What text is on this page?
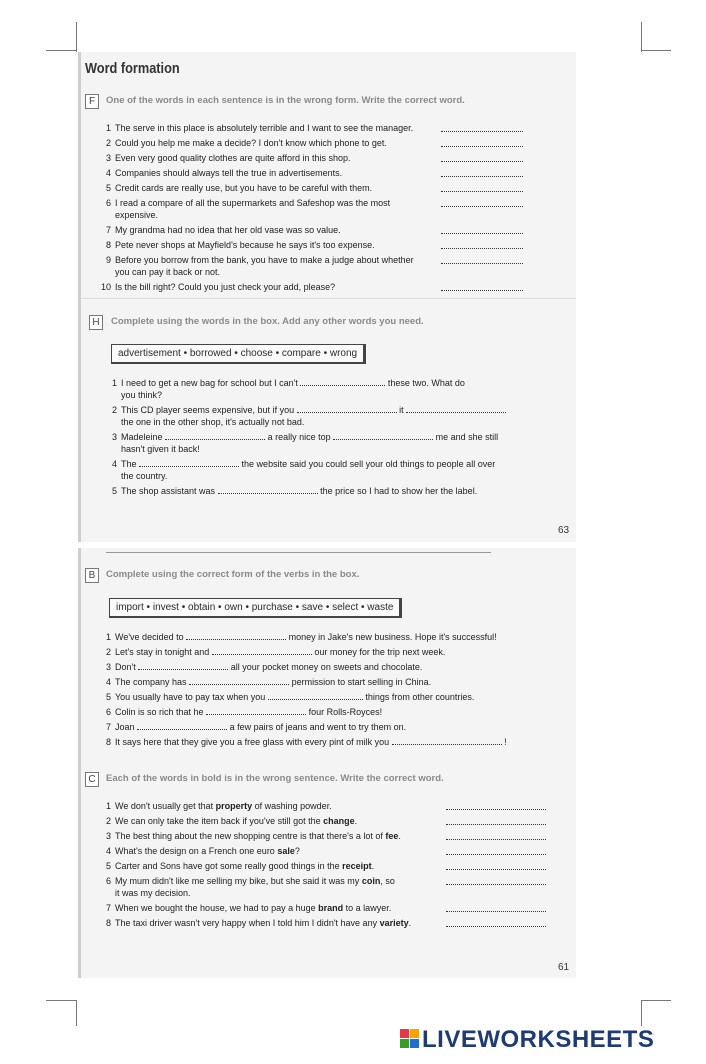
Word formation
F	One of the words in each sentence is in the wrong form. Write the correct word.
1 The serve in this place is absolutely terrible and I want to see the manager.
2 Could you help me make a decide? I don't know which phone to get.
3 Even very good quality clothes are quite afford in this shop.
4 Companies should always tell the true in advertisements.
5 Credit cards are really use, but you have to be careful with them.
6 I read a compare of all the supermarkets and Safeshop was the most
expensive.
7 My grandma had no idea that her old vase was so value.
8 Pete never shops at Mayfield's because he says it's too expense.
9 Before you borrow from the bank, you have to make a judge about whether
you can pay it back or not.
10 Is the bill right? Could you just check your add, please?
H	Complete using the words in the box. Add any other words you need.
advertisement • borrowed • choose • compare • wrong
1 I need to get a new bag for school but I can't	these two. What do
you think?
2 This CD player seems expensive, but if you	it
the one in the other shop, it's actually not bad.
3 Madeleine	a really nice top	me and she still
hasn't given it back!
4 The	the website said you could sell your old things to people all over
the country.
5 The shop assistant was	the price so I had to show her the label.
63
B	Complete using the correct form of the verbs in the box.
import • invest • obtain • own • purchase • save • select • waste
1 We've decided to	money in Jake's new business. Hope it's successful!
2 Let's stay in tonight and	our money for the trip next week.
3 Don't	all your pocket money on sweets and chocolate.
4 The company has	permission to start selling in China.
5 You usually have to pay tax when you	things from other countries.
6 Colin is so rich that he	four Rolls-Royces!
7 Joan	a few pairs of jeans and went to try them on.
8 It says here that they give you a free glass with every pint of milk you	!
C	Each of the words in bold is in the wrong sentence. Write the correct word.
1 We don't usually get that property of washing powder.
2 We can only take the item back if you've still got the change.
3 The best thing about the new shopping centre is that there's a lot of fee.
4 What's the design on a French one euro sale?
5 Carter and Sons have got some really good things in the receipt.
6 My mum didn't like me selling my bike, but she said it was my coin, so
it was my decision.
7 When we bought the house, we had to pay a huge brand to a lawyer.
8 The taxi driver wasn't very happy when I told him I didn't have any variety.
61
LIVEWORKSHEETS
